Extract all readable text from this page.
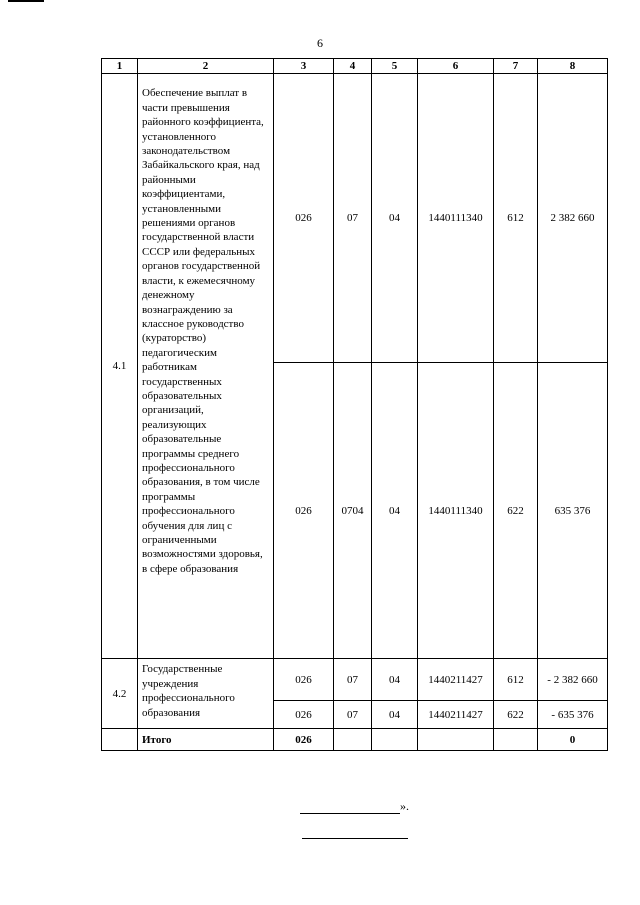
6
1	2	3	4	5	6	7	8
4.1	Обеспечение выплат в части превышения районного коэффициента, установленного законодательством Забайкальского края, над районными коэффициентами, установленными решениями органов государственной власти СССР или федеральных органов государственной власти, к ежемесячному денежному вознаграждению за классное руководство (кураторство) педагогическим работникам государственных образовательных организаций, реализующих образовательные программы среднего профессионального образования, в том числе программы профессионального обучения для лиц с ограниченными возможностями здоровья, в сфере образования	026	07	04	1440111340	612	2 382 660
		026	0704	04	1440111340	622	635 376
4.2	Государственные учреждения профессионального образования	026	07	04	1440211427	612	- 2 382 660
		026	07	04	1440211427	622	- 635 376
	Итого	026					0
».
